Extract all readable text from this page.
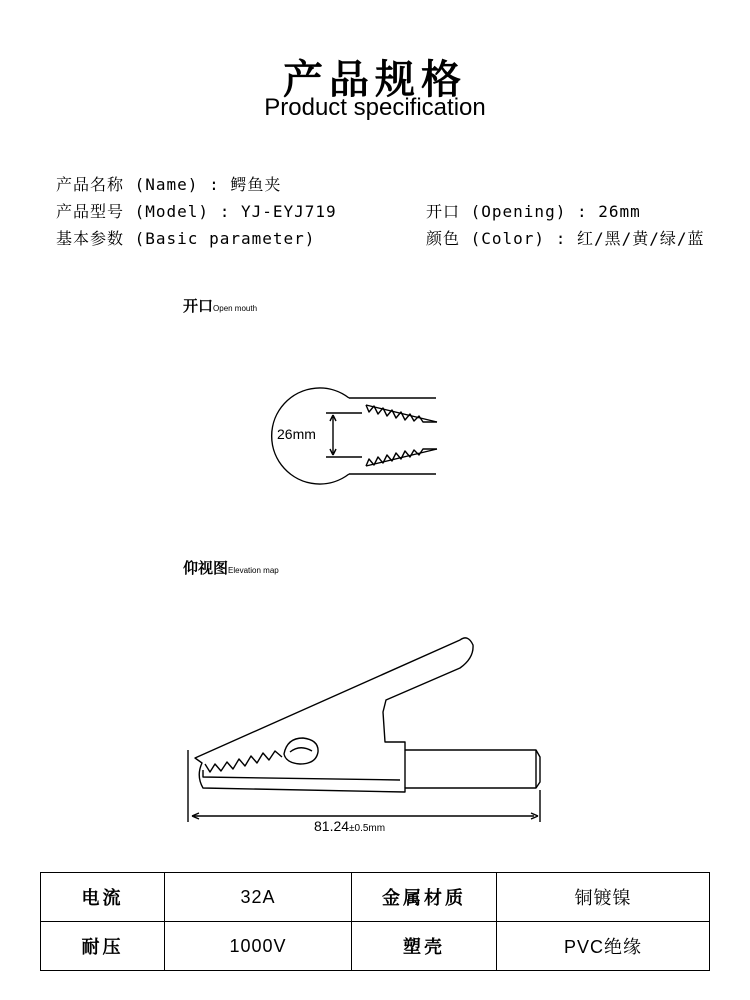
产品规格
Product specification
产品名称 (Name) : 鳄鱼夹
产品型号 (Model) : YJ-EYJ719
基本参数 (Basic parameter)
开口 (Opening) : 26mm
颜色 (Color) : 红/黑/黄/绿/蓝
开口Open mouth
26mm
仰视图Elevation map
81.24±0.5mm
电流	32A	金属材质	铜镀镍
耐压	1000V	塑壳	PVC绝缘
